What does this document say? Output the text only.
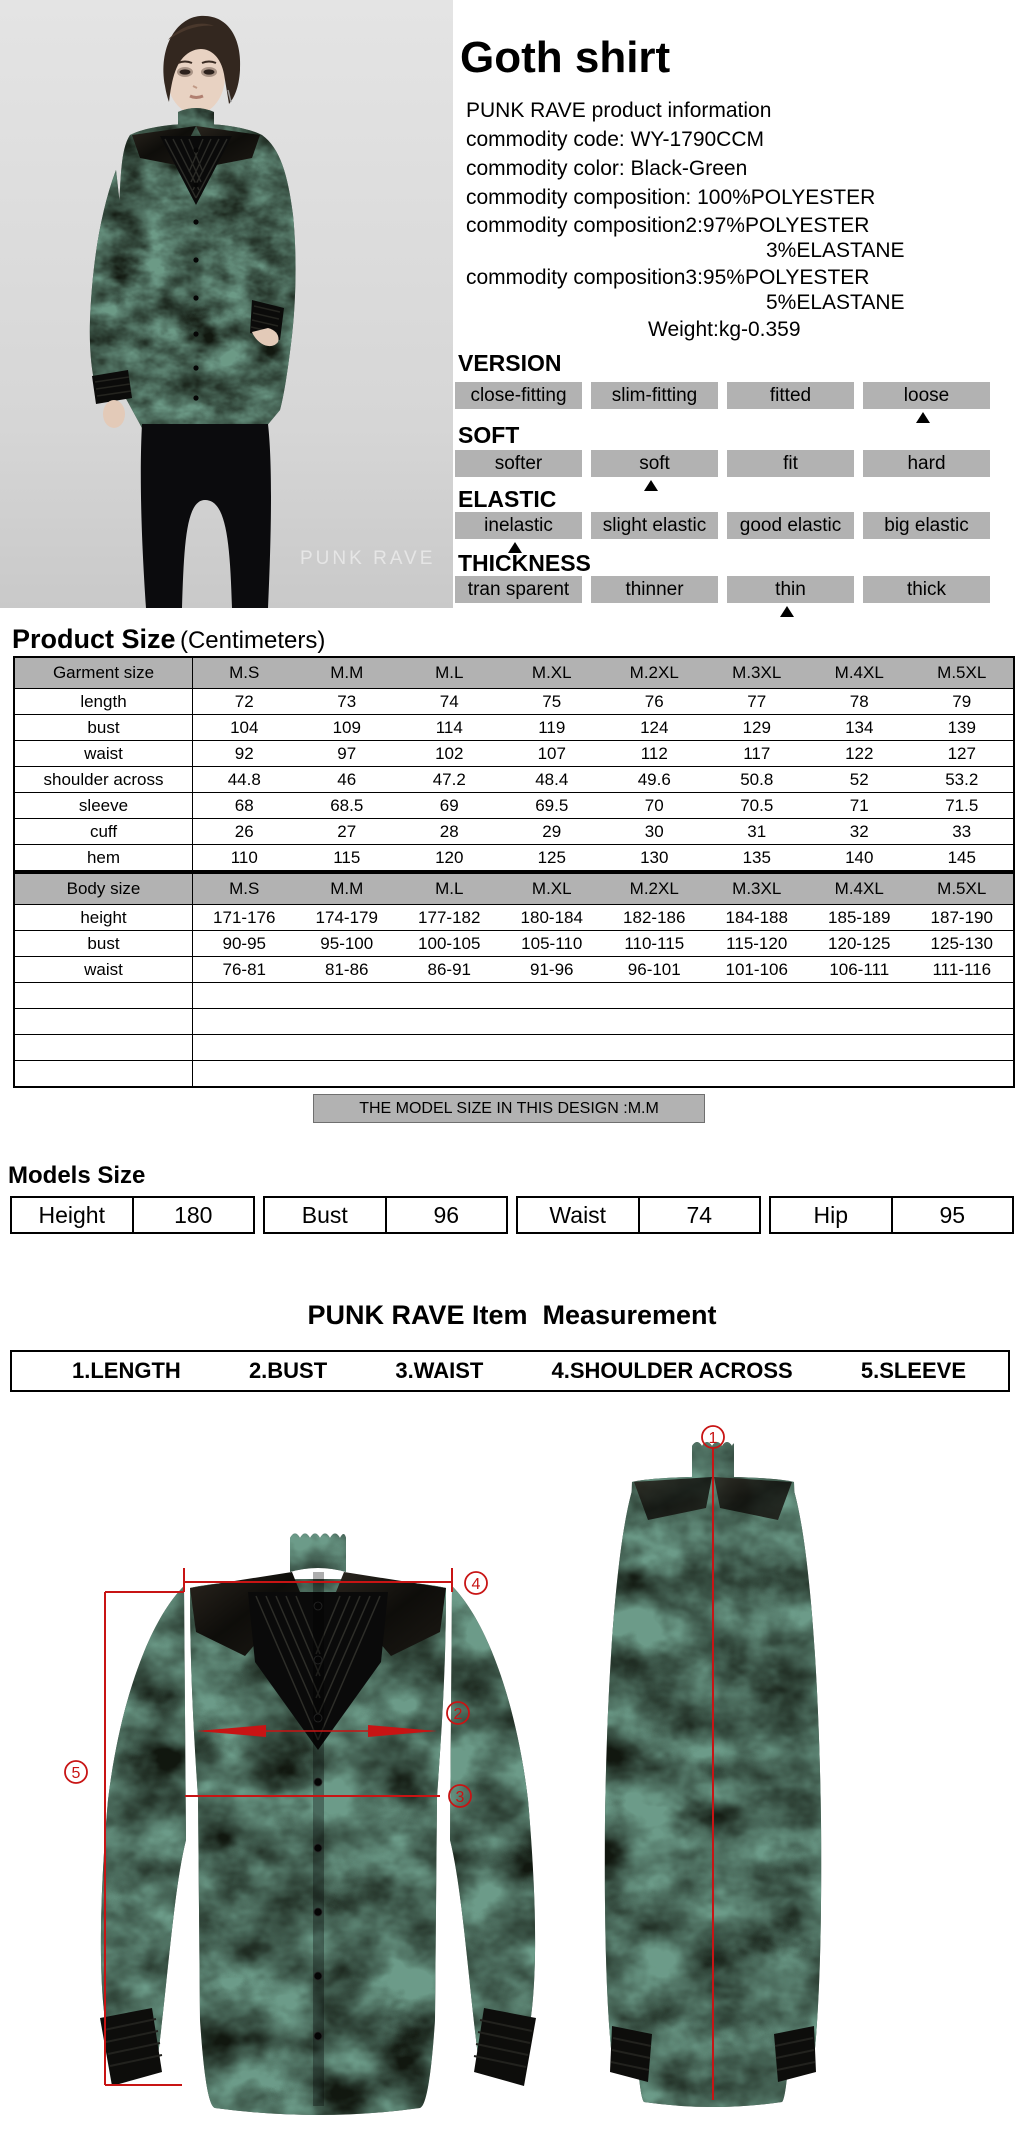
PUNK RAVE
Goth shirt
PUNK RAVE product information
commodity code: WY-1790CCM
commodity color: Black-Green
commodity composition: 100%POLYESTER
commodity composition2:97%POLYESTER
3%ELASTANE
commodity composition3:95%POLYESTER
5%ELASTANE
Weight:kg-0.359
VERSION
close-fitting	slim-fitting	fitted	loose
SOFT
softer	soft	fit	hard
ELASTIC
inelastic	slight elastic	good elastic	big elastic
THICKNESS
tran sparent	thinner	thin	thick
Product Size (Centimeters)
Garment size	M.S	M.M	M.L	M.XL	M.2XL	M.3XL	M.4XL	M.5XL
length	72	73	74	75	76	77	78	79
bust	104	109	114	119	124	129	134	139
waist	92	97	102	107	112	117	122	127
shoulder across	44.8	46	47.2	48.4	49.6	50.8	52	53.2
sleeve	68	68.5	69	69.5	70	70.5	71	71.5
cuff	26	27	28	29	30	31	32	33
hem	110	115	120	125	130	135	140	145
Body size	M.S	M.M	M.L	M.XL	M.2XL	M.3XL	M.4XL	M.5XL
height	171-176	174-179	177-182	180-184	182-186	184-188	185-189	187-190
bust	90-95	95-100	100-105	105-110	110-115	115-120	120-125	125-130
waist	76-81	81-86	86-91	91-96	96-101	101-106	106-111	111-116
THE MODEL SIZE IN THIS DESIGN :M.M
Models Size
Height	180	Bust	96	Waist	74	Hip	95
PUNK RAVE Item  Measurement
1.LENGTH	2.BUST	3.WAIST	4.SHOULDER ACROSS	5.SLEEVE
4
2
3
5
1
